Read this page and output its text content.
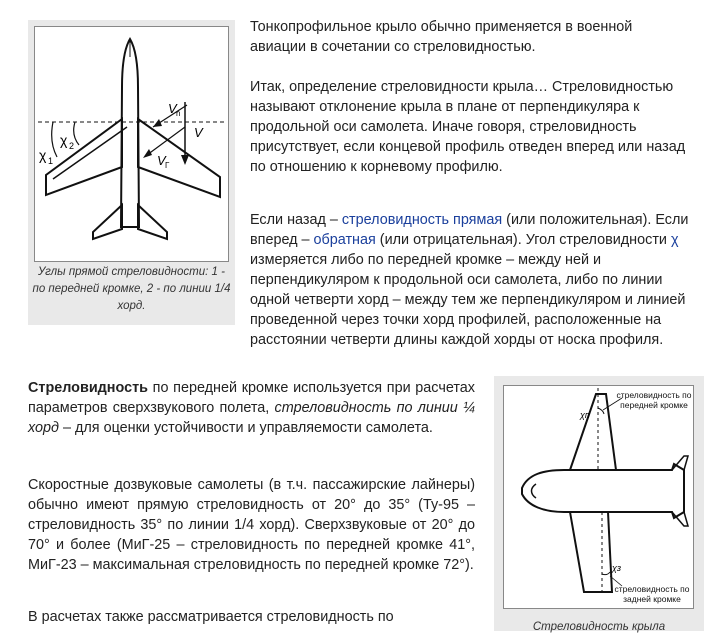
Тонкопрофильное крыло обычно применяется в военной авиации в сочетании со стреловидностью.

Итак, определение стреловидности крыла… Стреловидностью называют отклонение крыла в плане от перпендикуляра к продольной оси самолета. Иначе говоря, стреловидность присутствует, если концевой профиль отведен вперед или назад по отношению к корневому профилю.

Если назад – стреловидность прямая (или положительная). Если вперед – обратная (или отрицательная). Угол стреловидности χ измеряется либо по передней кромке – между ней и перпендикуляром к продольной оси самолета, либо по линии одной четверти хорд – между тем же перпендикуляром и линией проведенной через точки хорд профилей, расположенные на расстоянии четверти длины каждой хорды от носка профиля.

χ 1
χ 2
V n
V
V Г
Углы прямой стреловидности: 1 - по передней кромке, 2 - по линии 1/4 хорд.

Стреловидность по передней кромке используется при расчетах параметров сверхзвукового полета, стреловидность по линии ¼ хорд – для оценки устойчивости и управляемости самолета.

Скоростные дозвуковые самолеты (в т.ч. пассажирские лайнеры) обычно имеют прямую стреловидность от 20° до 35° (Ту-95 – стреловидность 35° по линии 1/4 хорд). Сверхзвуковые от 20° до 70° и более (МиГ-25 – стреловидность по передней кромке 41°, МиГ-23 – максимальная стреловидность по передней кромке 72°).

В расчетах также рассматривается стреловидность по

χп
χз
стреловидность по передней кромке
стреловидность по задней кромке
Стреловидность крыла
